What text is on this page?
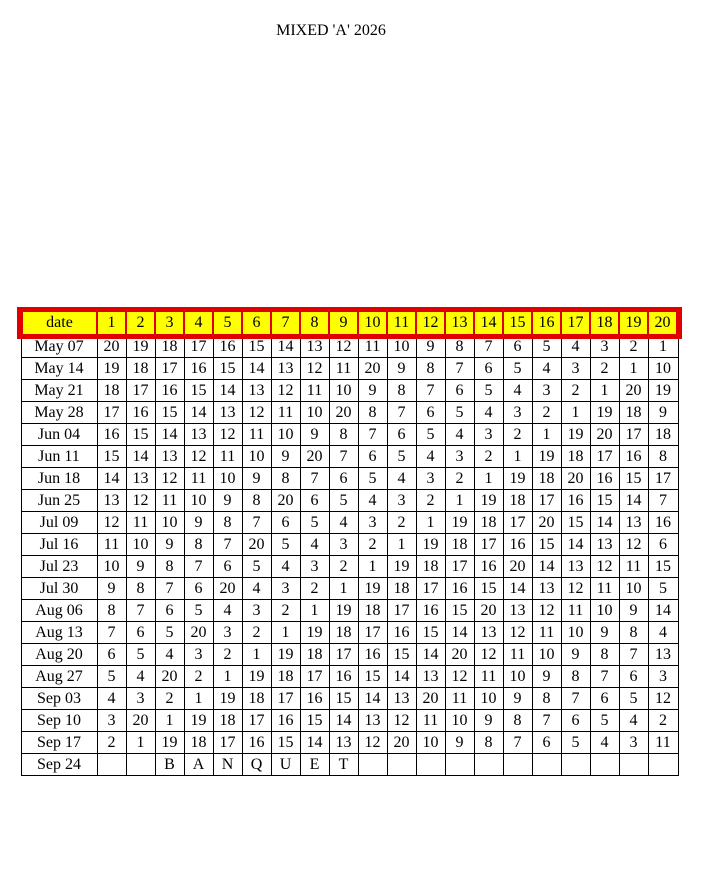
MIXED 'A' 2026
date	1	2	3	4	5	6	7	8	9	10	11	12	13	14	15	16	17	18	19	20
May 07	20	19	18	17	16	15	14	13	12	11	10	9	8	7	6	5	4	3	2	1
May 14	19	18	17	16	15	14	13	12	11	20	9	8	7	6	5	4	3	2	1	10
May 21	18	17	16	15	14	13	12	11	10	9	8	7	6	5	4	3	2	1	20	19
May 28	17	16	15	14	13	12	11	10	20	8	7	6	5	4	3	2	1	19	18	9
Jun 04	16	15	14	13	12	11	10	9	8	7	6	5	4	3	2	1	19	20	17	18
Jun 11	15	14	13	12	11	10	9	20	7	6	5	4	3	2	1	19	18	17	16	8
Jun 18	14	13	12	11	10	9	8	7	6	5	4	3	2	1	19	18	20	16	15	17
Jun 25	13	12	11	10	9	8	20	6	5	4	3	2	1	19	18	17	16	15	14	7
Jul 09	12	11	10	9	8	7	6	5	4	3	2	1	19	18	17	20	15	14	13	16
Jul 16	11	10	9	8	7	20	5	4	3	2	1	19	18	17	16	15	14	13	12	6
Jul 23	10	9	8	7	6	5	4	3	2	1	19	18	17	16	20	14	13	12	11	15
Jul 30	9	8	7	6	20	4	3	2	1	19	18	17	16	15	14	13	12	11	10	5
Aug 06	8	7	6	5	4	3	2	1	19	18	17	16	15	20	13	12	11	10	9	14
Aug 13	7	6	5	20	3	2	1	19	18	17	16	15	14	13	12	11	10	9	8	4
Aug 20	6	5	4	3	2	1	19	18	17	16	15	14	20	12	11	10	9	8	7	13
Aug 27	5	4	20	2	1	19	18	17	16	15	14	13	12	11	10	9	8	7	6	3
Sep 03	4	3	2	1	19	18	17	16	15	14	13	20	11	10	9	8	7	6	5	12
Sep 10	3	20	1	19	18	17	16	15	14	13	12	11	10	9	8	7	6	5	4	2
Sep 17	2	1	19	18	17	16	15	14	13	12	20	10	9	8	7	6	5	4	3	11
Sep 24			B	A	N	Q	U	E	T											
